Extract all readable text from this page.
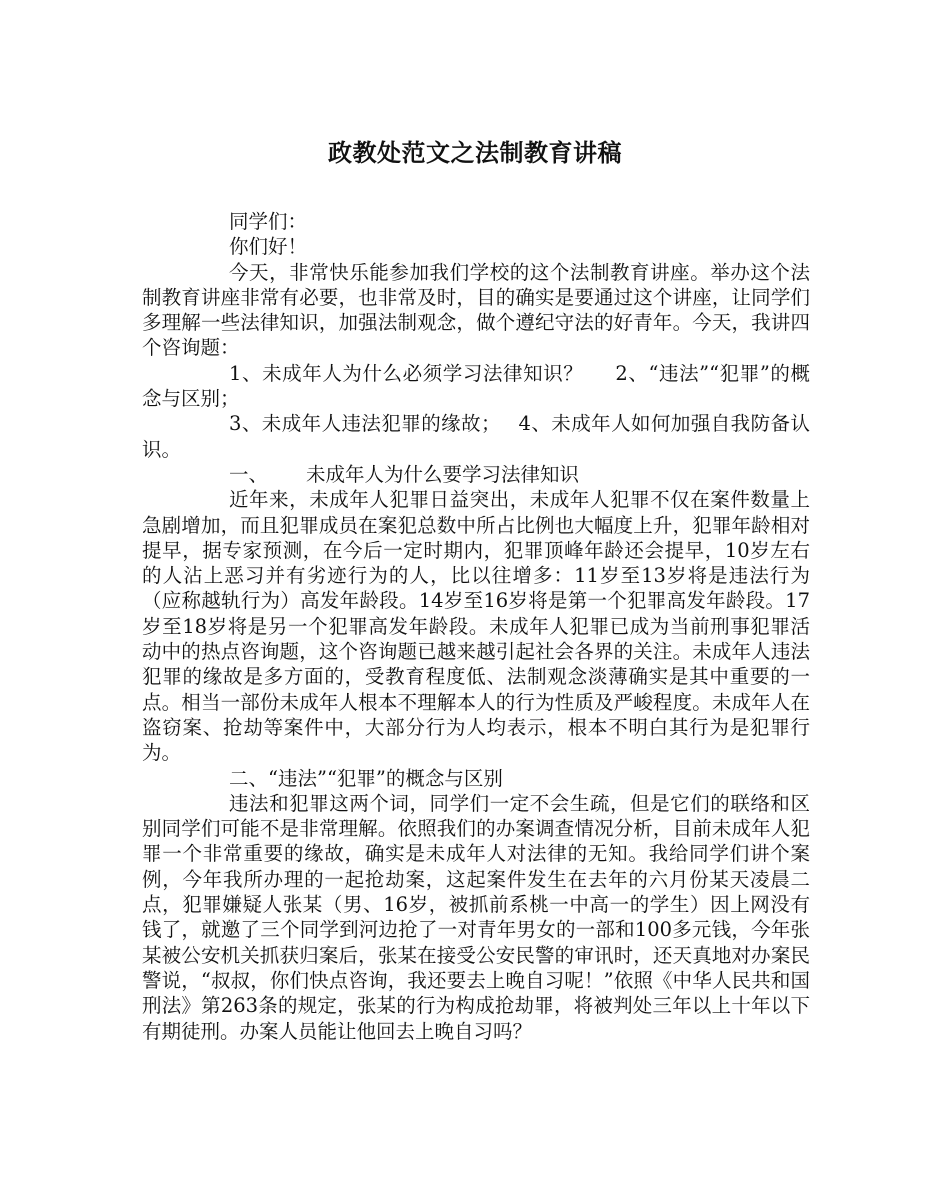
政教处范文之法制教育讲稿

同学们：

你们好！

今天，非常快乐能参加我们学校的这个法制教育讲座。举办这个法制教育讲座非常有必要，也非常及时，目的确实是要通过这个讲座，让同学们多理解一些法律知识，加强法制观念，做个遵纪守法的好青年。今天，我讲四个咨询题：

1、未成年人为什么必须学习法律知识？ 2、“违法”“犯罪”的概念与区别；

3、未成年人违法犯罪的缘故； 4、未成年人如何加强自我防备认识。

一、 未成年人为什么要学习法律知识

近年来，未成年人犯罪日益突出，未成年人犯罪不仅在案件数量上急剧增加，而且犯罪成员在案犯总数中所占比例也大幅度上升，犯罪年龄相对提早，据专家预测，在今后一定时期内，犯罪顶峰年龄还会提早，10岁左右的人沾上恶习并有劣迹行为的人，比以往增多：11岁至13岁将是违法行为（应称越轨行为）高发年龄段。14岁至16岁将是第一个犯罪高发年龄段。17岁至18岁将是另一个犯罪高发年龄段。未成年人犯罪已成为当前刑事犯罪活动中的热点咨询题，这个咨询题已越来越引起社会各界的关注。未成年人违法犯罪的缘故是多方面的，受教育程度低、法制观念淡薄确实是其中重要的一点。相当一部份未成年人根本不理解本人的行为性质及严峻程度。未成年人在盗窃案、抢劫等案件中，大部分行为人均表示，根本不明白其行为是犯罪行为。

二、“违法”“犯罪”的概念与区别

违法和犯罪这两个词，同学们一定不会生疏，但是它们的联络和区别同学们可能不是非常理解。依照我们的办案调查情况分析，目前未成年人犯罪一个非常重要的缘故，确实是未成年人对法律的无知。我给同学们讲个案例，今年我所办理的一起抢劫案，这起案件发生在去年的六月份某天凌晨二点，犯罪嫌疑人张某（男、16岁，被抓前系桃一中高一的学生）因上网没有钱了，就邀了三个同学到河边抢了一对青年男女的一部和100多元钱，今年张某被公安机关抓获归案后，张某在接受公安民警的审讯时，还天真地对办案民警说，“叔叔，你们快点咨询，我还要去上晚自习呢！”依照《中华人民共和国刑法》第263条的规定，张某的行为构成抢劫罪，将被判处三年以上十年以下有期徒刑。办案人员能让他回去上晚自习吗？
